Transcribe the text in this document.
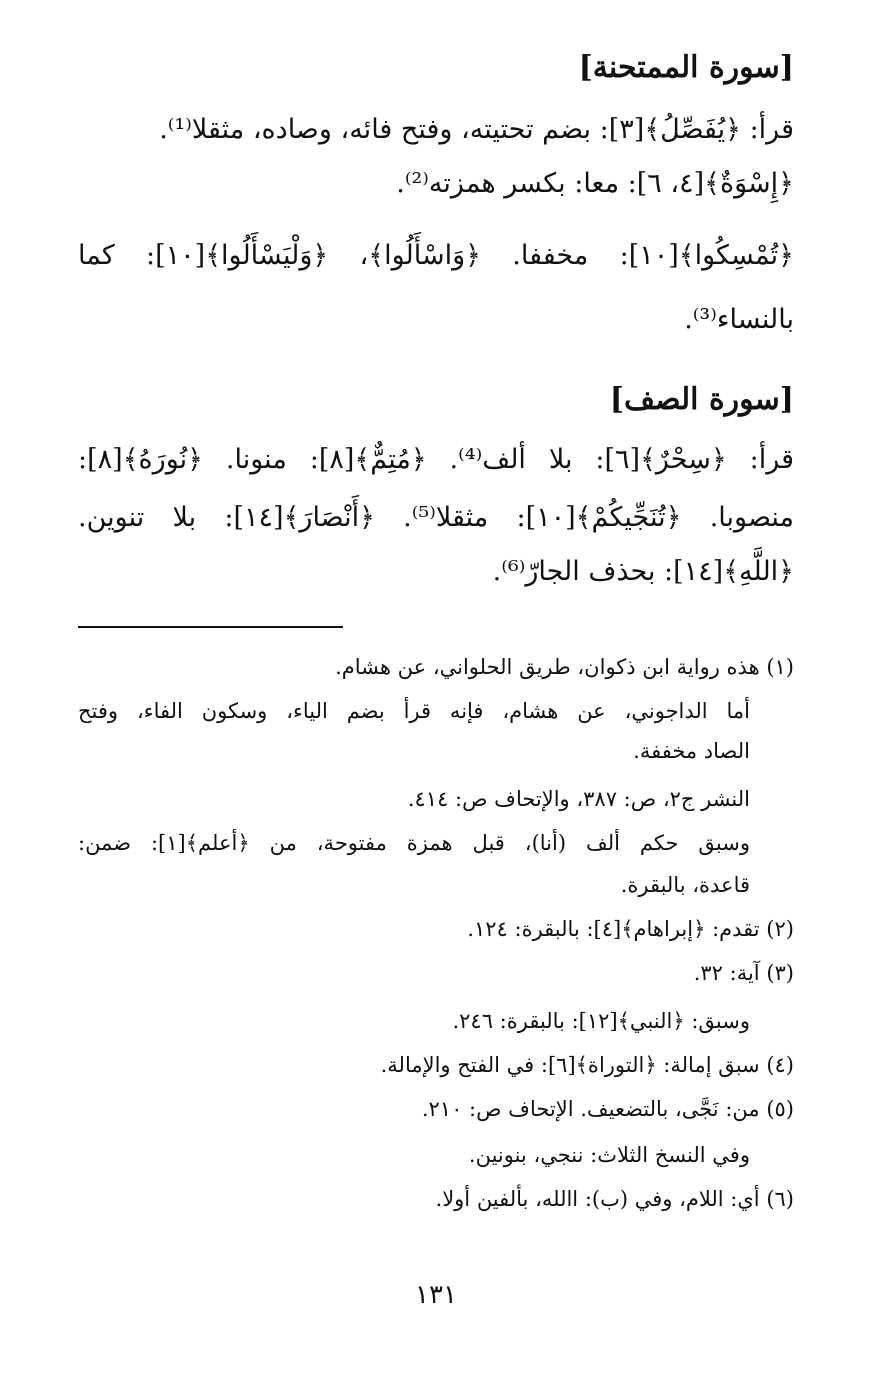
[سورة الممتحنة]
قرأ: ﴿يُفَصِّلُ﴾[٣]: بضم تحتيته، وفتح فائه، وصاده، مثقلا⁽¹⁾.
﴿إِسْوَةٌ﴾[٤، ٦]: معا: بكسر همزته⁽²⁾.
﴿تُمْسِكُوا﴾[١٠]: مخففا. ﴿وَاسْأَلُوا﴾، ﴿وَلْيَسْأَلُوا﴾[١٠]: كما
بالنساء⁽³⁾.
[سورة الصف]
قرأ: ﴿سِحْرٌ﴾[٦]: بلا ألف⁽⁴⁾. ﴿مُتِمٌّ﴾[٨]: منونا. ﴿نُورَهُ﴾[٨]:
منصوبا. ﴿تُنَجِّيكُمْ﴾[١٠]: مثقلا⁽⁵⁾. ﴿أَنْصَارَ﴾[١٤]: بلا تنوين.
﴿اللَّهِ﴾[١٤]: بحذف الجارّ⁽⁶⁾.
(١) هذه رواية ابن ذكوان، طريق الحلواني، عن هشام.
أما الداجوني، عن هشام، فإنه قرأ بضم الياء، وسكون الفاء، وفتح
الصاد مخففة.
النشر ج٢، ص: ٣٨٧، والإتحاف ص: ٤١٤.
وسبق حكم ألف (أنا)، قبل همزة مفتوحة، من ﴿أعلم﴾[١]: ضمن:
قاعدة، بالبقرة.
(٢) تقدم: ﴿إبراهام﴾[٤]: بالبقرة: ١٢٤.
(٣) آية: ٣٢.
وسبق: ﴿النبي﴾[١٢]: بالبقرة: ٢٤٦.
(٤) سبق إمالة: ﴿التوراة﴾[٦]: في الفتح والإمالة.
(٥) من: نَجَّى، بالتضعيف. الإتحاف ص: ٢١٠.
وفي النسخ الثلاث: ننجي، بنونين.
(٦) أي: اللام، وفي (ب): االله، بألفين أولا.
١٣١
